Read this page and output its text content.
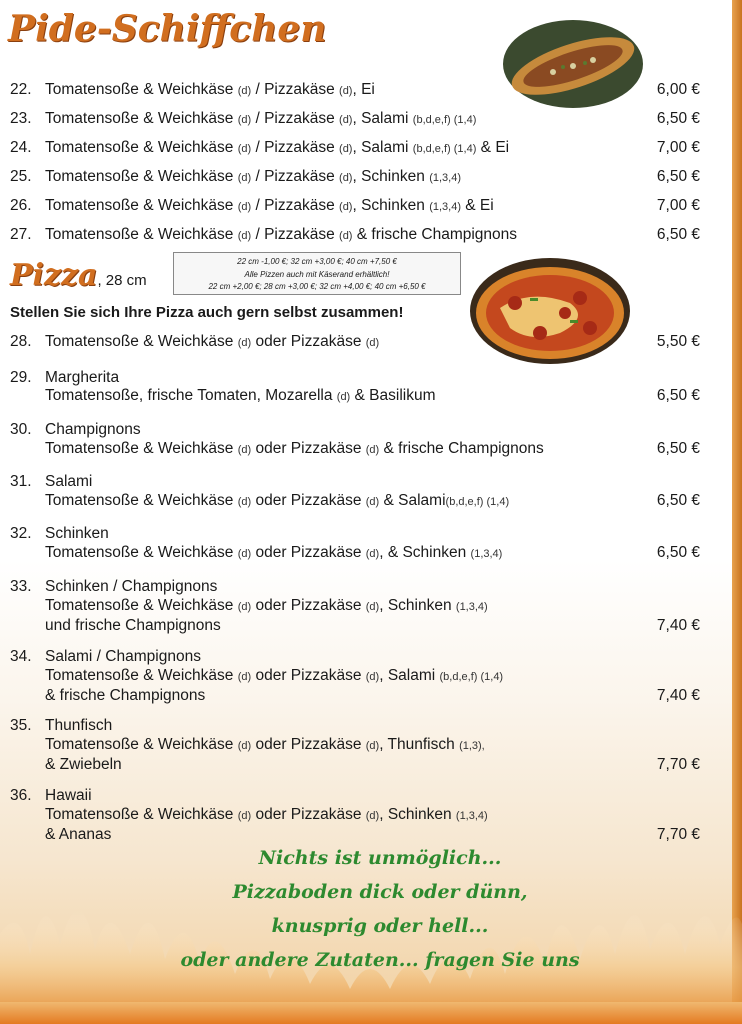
Pide-Schiffchen
22. Tomatensoße & Weichkäse (d) / Pizzakäse (d), Ei	6,00 €
23. Tomatensoße & Weichkäse (d) / Pizzakäse (d), Salami (b,d,e,f) (1,4)	6,50 €
24. Tomatensoße & Weichkäse (d) / Pizzakäse (d), Salami (b,d,e,f) (1,4) & Ei	7,00 €
25. Tomatensoße & Weichkäse (d) / Pizzakäse (d), Schinken (1,3,4)	6,50 €
26. Tomatensoße & Weichkäse (d) / Pizzakäse (d), Schinken (1,3,4) & Ei	7,00 €
27. Tomatensoße & Weichkäse (d) / Pizzakäse (d) & frische Champignons	6,50 €
Pizza, 28 cm
22 cm -1,00 €; 32 cm +3,00 €; 40 cm +7,50 €
Alle Pizzen auch mit Käserand erhältlich!
22 cm +2,00 €; 28 cm +3,00 €; 32 cm +4,00 €; 40 cm +6,50 €
Stellen Sie sich Ihre Pizza auch gern selbst zusammen!
28. Tomatensoße & Weichkäse (d) oder Pizzakäse (d)	5,50 €
29. Margherita
Tomatensoße, frische Tomaten, Mozarella (d) & Basilikum	6,50 €
30. Champignons
Tomatensoße & Weichkäse (d) oder Pizzakäse (d) & frische Champignons	6,50 €
31. Salami
Tomatensoße & Weichkäse (d) oder Pizzakäse (d) & Salami(b,d,e,f) (1,4)	6,50 €
32. Schinken
Tomatensoße & Weichkäse (d) oder Pizzakäse (d), & Schinken (1,3,4)	6,50 €
33. Schinken / Champignons
Tomatensoße & Weichkäse (d) oder Pizzakäse (d), Schinken (1,3,4)
und frische Champignons	7,40 €
34. Salami / Champignons
Tomatensoße & Weichkäse (d) oder Pizzakäse (d), Salami (b,d,e,f) (1,4)
& frische Champignons	7,40 €
35. Thunfisch
Tomatensoße & Weichkäse (d) oder Pizzakäse (d), Thunfisch (1,3),
& Zwiebeln	7,70 €
36. Hawaii
Tomatensoße & Weichkäse (d) oder Pizzakäse (d), Schinken (1,3,4)
& Ananas	7,70 €
Nichts ist unmöglich...
Pizzaboden dick oder dünn,
knusprig oder hell...
oder andere Zutaten... fragen Sie uns
